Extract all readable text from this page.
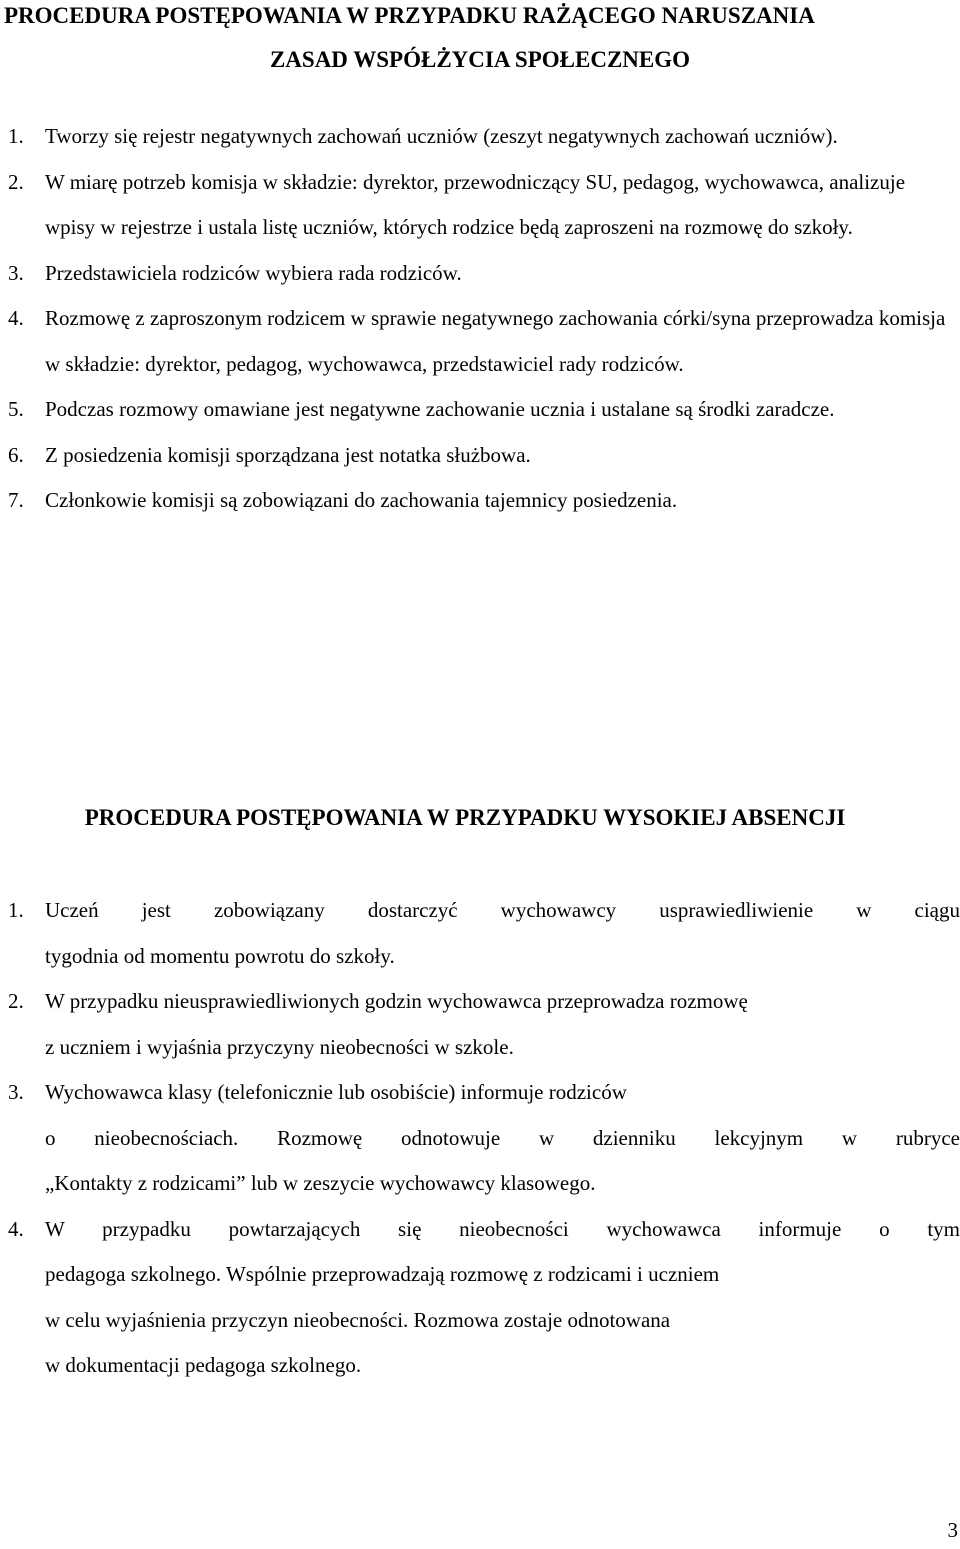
PROCEDURA POSTĘPOWANIA W PRZYPADKU RAŻĄCEGO NARUSZANIA
ZASAD WSPÓŁŻYCIA SPOŁECZNEGO
1. Tworzy się rejestr negatywnych zachowań uczniów (zeszyt negatywnych zachowań uczniów).
2. W miarę potrzeb komisja w składzie: dyrektor, przewodniczący SU, pedagog, wychowawca, analizuje wpisy w rejestrze i ustala listę uczniów, których rodzice będą zaproszeni na rozmowę do szkoły.
3. Przedstawiciela rodziców wybiera rada rodziców.
4. Rozmowę z zaproszonym rodzicem w sprawie negatywnego zachowania córki/syna przeprowadza komisja w składzie: dyrektor, pedagog, wychowawca, przedstawiciel rady rodziców.
5. Podczas rozmowy omawiane jest negatywne zachowanie ucznia i ustalane są środki zaradcze.
6. Z posiedzenia komisji sporządzana jest notatka służbowa.
7. Członkowie komisji są zobowiązani do zachowania tajemnicy posiedzenia.
PROCEDURA POSTĘPOWANIA W PRZYPADKU WYSOKIEJ ABSENCJI
1. Uczeń jest zobowiązany dostarczyć wychowawcy usprawiedliwienie w ciągu
tygodnia od momentu powrotu do szkoły.
2. W przypadku nieusprawiedliwionych godzin wychowawca przeprowadza rozmowę
z uczniem i wyjaśnia przyczyny nieobecności w szkole.
3. Wychowawca klasy (telefonicznie lub osobiście) informuje rodziców
o nieobecnościach. Rozmowę odnotowuje w dzienniku lekcyjnym w rubryce
„Kontakty z rodzicami” lub w zeszycie wychowawcy klasowego.
4. W przypadku powtarzających się nieobecności wychowawca informuje o tym
pedagoga szkolnego. Wspólnie przeprowadzają rozmowę z rodzicami i uczniem
w celu wyjaśnienia przyczyn nieobecności. Rozmowa zostaje odnotowana
w dokumentacji pedagoga szkolnego.
3
